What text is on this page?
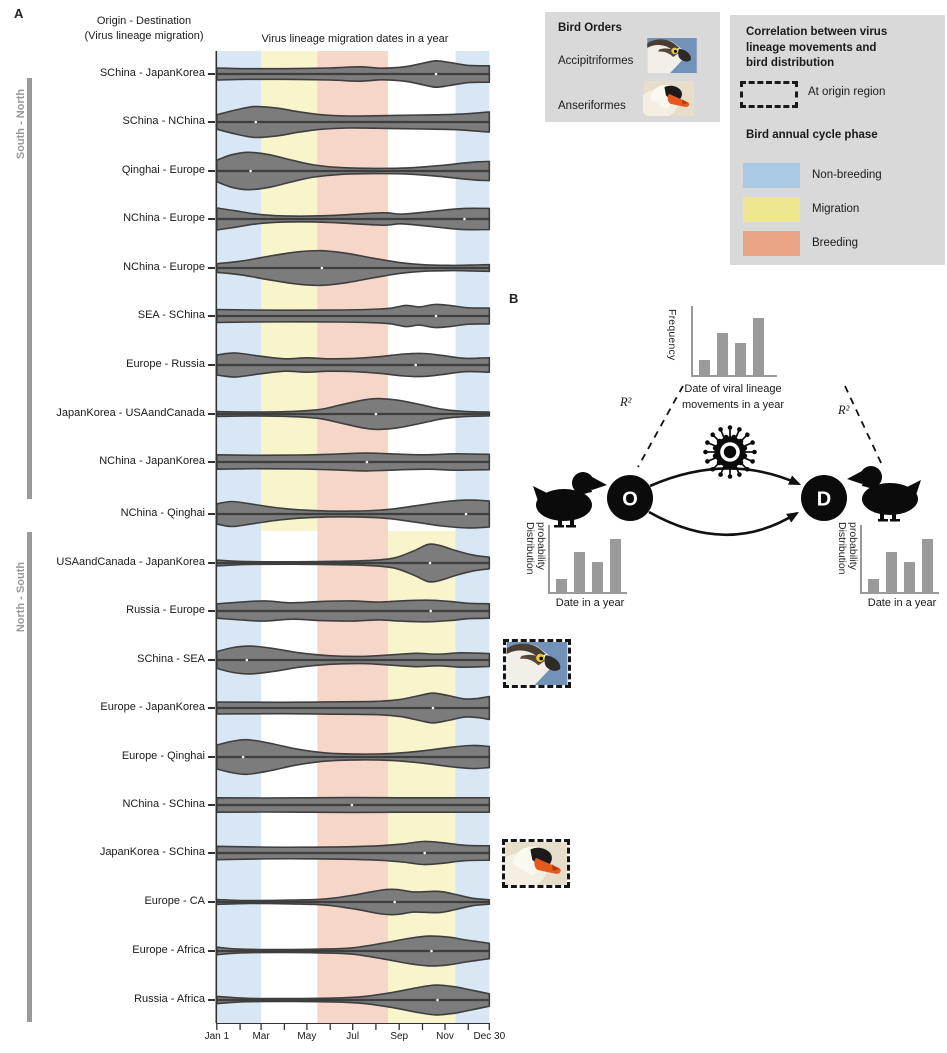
A	Origin - Destination
(Virus lineage migration)	Virus lineage migration dates in a year
South - North
North - South
SChina - JapanKorea
SChina - NChina
Qinghai - Europe
NChina - Europe
NChina - Europe
SEA - SChina
Europe - Russia
JapanKorea - USAandCanada
NChina - JapanKorea
NChina - Qinghai
USAandCanada - JapanKorea
Russia - Europe
SChina - SEA
Europe - JapanKorea
Europe - Qinghai
NChina - SChina
JapanKorea - SChina
Europe - CA
Europe - Africa
Russia - Africa
Jan 1 Mar	May	Jul	Sep	Nov Dec 30
Bird Orders
Accipitriformes
Anseriformes
Correlation between virus
lineage movements and
bird distribution
At origin region
Bird annual cycle phase
Non-breeding
Migration
Breeding
B
Frequency
Date of viral lineage
movements in a year
R²
R²
O	D
Distribution probability
Date in a year
Distribution probability
Date in a year
